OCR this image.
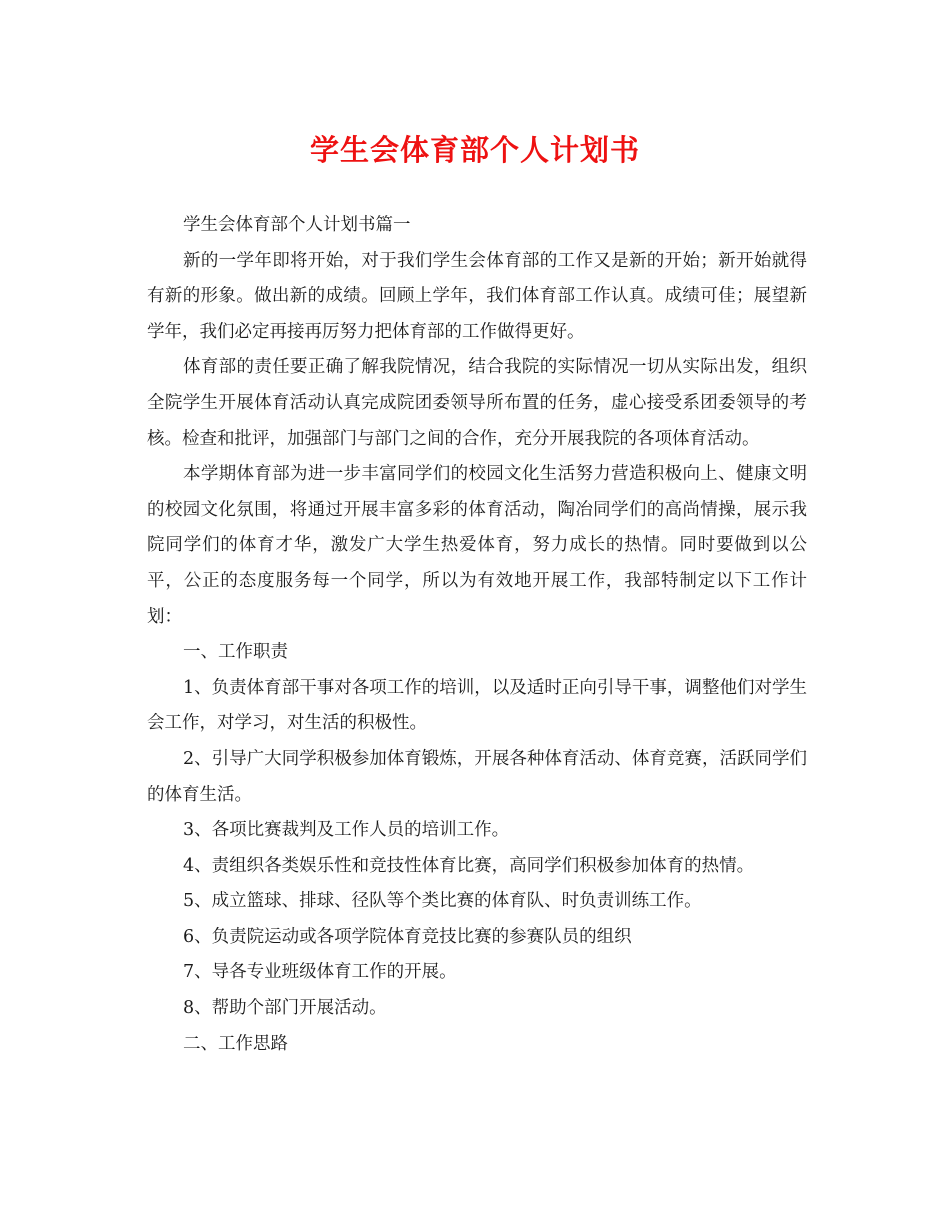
学生会体育部个人计划书

学生会体育部个人计划书篇一

新的一学年即将开始，对于我们学生会体育部的工作又是新的开始；新开始就得有新的形象。做出新的成绩。回顾上学年，我们体育部工作认真。成绩可佳；展望新学年，我们必定再接再厉努力把体育部的工作做得更好。

体育部的责任要正确了解我院情况，结合我院的实际情况一切从实际出发，组织全院学生开展体育活动认真完成院团委领导所布置的任务，虚心接受系团委领导的考核。检查和批评，加强部门与部门之间的合作，充分开展我院的各项体育活动。

本学期体育部为进一步丰富同学们的校园文化生活努力营造积极向上、健康文明的校园文化氛围，将通过开展丰富多彩的体育活动，陶冶同学们的高尚情操，展示我院同学们的体育才华，激发广大学生热爱体育，努力成长的热情。同时要做到以公平，公正的态度服务每一个同学，所以为有效地开展工作，我部特制定以下工作计划：

一、工作职责

1、负责体育部干事对各项工作的培训，以及适时正向引导干事，调整他们对学生会工作，对学习，对生活的积极性。

2、引导广大同学积极参加体育锻炼，开展各种体育活动、体育竞赛，活跃同学们的体育生活。

3、各项比赛裁判及工作人员的培训工作。

4、责组织各类娱乐性和竞技性体育比赛，高同学们积极参加体育的热情。

5、成立篮球、排球、径队等个类比赛的体育队、时负责训练工作。

6、负责院运动或各项学院体育竞技比赛的参赛队员的组织

7、导各专业班级体育工作的开展。

8、帮助个部门开展活动。

二、工作思路
